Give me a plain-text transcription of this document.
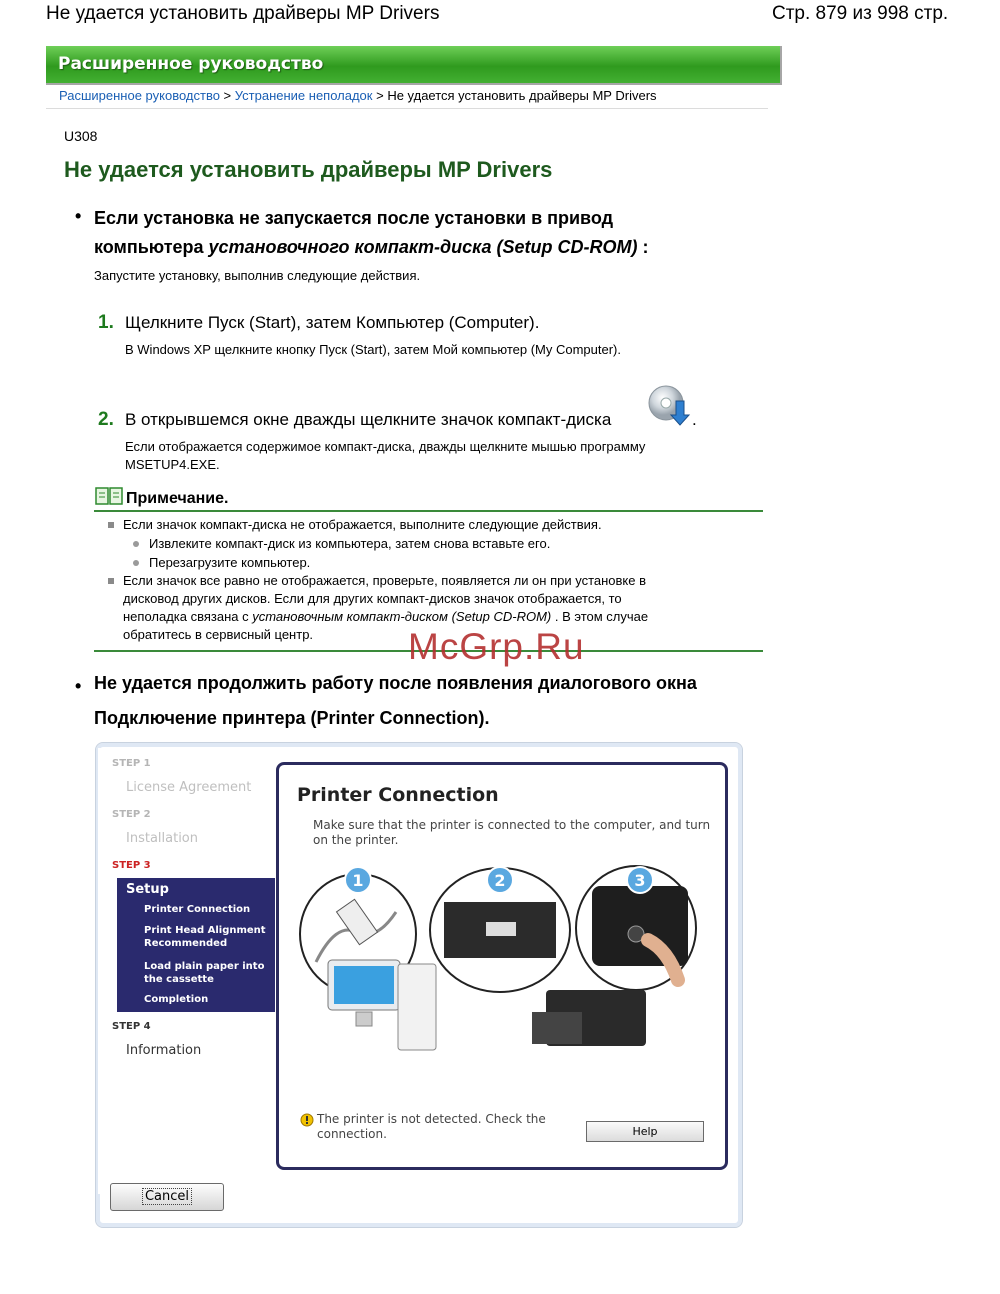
Не удается установить драйверы MP Drivers	Стр. 879 из 998 стр.
Расширенное руководство
Расширенное руководство > Устранение неполадок > Не удается установить драйверы MP Drivers
U308
Не удается установить драйверы MP Drivers
• Если установка не запускается после установки в привод
компьютера установочного компакт-диска (Setup CD-ROM) :
Запустите установку, выполнив следующие действия.
1. Щелкните Пуск (Start), затем Компьютер (Computer).
В Windows XP щелкните кнопку Пуск (Start), затем Мой компьютер (My Computer).
2. В открывшемся окне дважды щелкните значок компакт-диска	.
Если отображается содержимое компакт-диска, дважды щелкните мышью программу
MSETUP4.EXE.
Примечание.
Если значок компакт-диска не отображается, выполните следующие действия.
Извлеките компакт-диск из компьютера, затем снова вставьте его.
Перезагрузите компьютер.
Если значок все равно не отображается, проверьте, появляется ли он при установке в
дисковод других дисков. Если для других компакт-дисков значок отображается, то
неполадка связана с установочным компакт-диском (Setup CD-ROM) . В этом случае
обратитесь в сервисный центр.	McGrp.Ru
• Не удается продолжить работу после появления диалогового окна
Подключение принтера (Printer Connection).
STEP 1
License Agreement
STEP 2
Installation
STEP 3
Setup
Printer Connection
Print Head Alignment Recommended
Load plain paper into the cassette
Completion
STEP 4
Information
Printer Connection
Make sure that the printer is connected to the computer, and turn on the printer.
1	2	3
The printer is not detected. Check the connection.	Help
Cancel
